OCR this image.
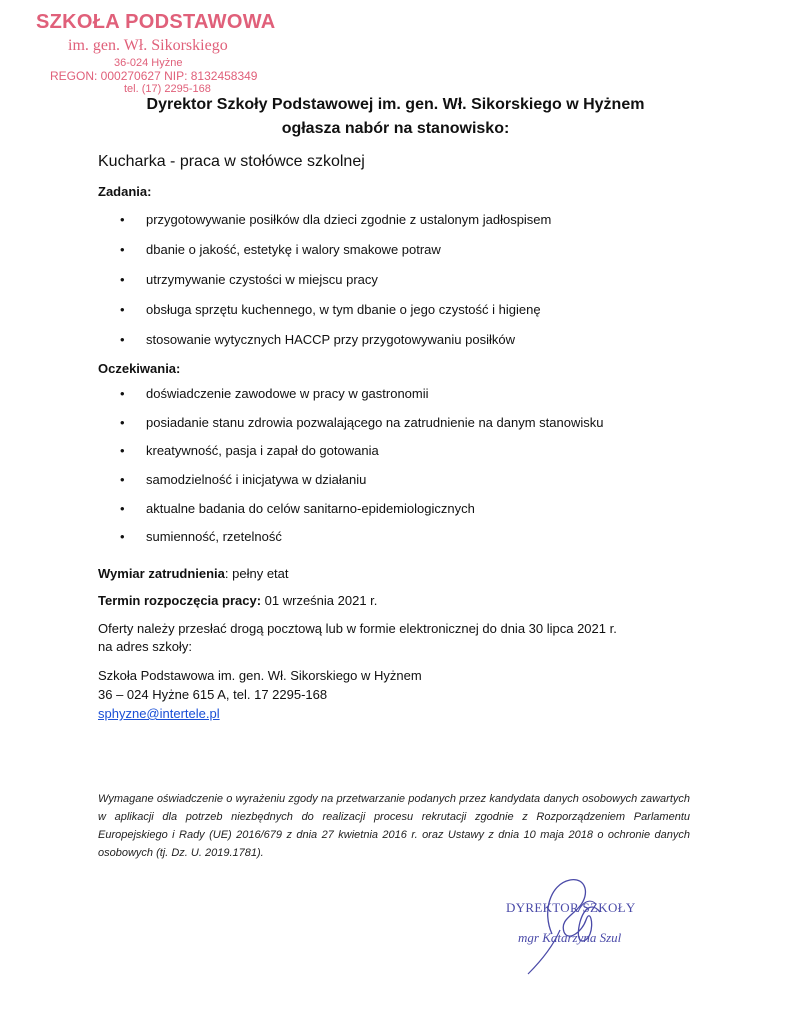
SZKOŁA PODSTAWOWA
im. gen. Wł. Sikorskiego
36-024 Hyżne
REGON: 000270627 NIP: 8132458349
tel. (17) 2295-168
Dyrektor Szkoły Podstawowej im. gen. Wł. Sikorskiego w Hyżnem
ogłasza nabór na stanowisko:
Kucharka - praca w stołówce szkolnej
Zadania:
• przygotowywanie posiłków dla dzieci zgodnie z ustalonym jadłospisem
• dbanie o jakość, estetykę i walory smakowe potraw
• utrzymywanie czystości w miejscu pracy
• obsługa sprzętu kuchennego, w tym dbanie o jego czystość i higienę
• stosowanie wytycznych HACCP przy przygotowywaniu posiłków
Oczekiwania:
• doświadczenie zawodowe w pracy w gastronomii
• posiadanie stanu zdrowia pozwalającego na zatrudnienie na danym stanowisku
• kreatywność, pasja i zapał do gotowania
• samodzielność i inicjatywa w działaniu
• aktualne badania do celów sanitarno-epidemiologicznych
• sumienność, rzetelność
Wymiar zatrudnienia: pełny etat
Termin rozpoczęcia pracy: 01 września 2021 r.
Oferty należy przesłać drogą pocztową lub w formie elektronicznej do dnia 30 lipca 2021 r.
na adres szkoły:
Szkoła Podstawowa im. gen. Wł. Sikorskiego w Hyżnem
36 – 024 Hyżne 615 A, tel. 17 2295-168
sphyzne@intertele.pl
Wymagane oświadczenie o wyrażeniu zgody na przetwarzanie podanych przez kandydata danych osobowych zawartych w aplikacji dla potrzeb niezbędnych do realizacji procesu rekrutacji zgodnie z Rozporządzeniem Parlamentu Europejskiego i Rady (UE) 2016/679 z dnia 27 kwietnia 2016 r. oraz Ustawy z dnia 10 maja 2018 o ochronie danych osobowych (tj. Dz. U. 2019.1781).
DYREKTOR SZKOŁY
mgr Katarzyna Szul
